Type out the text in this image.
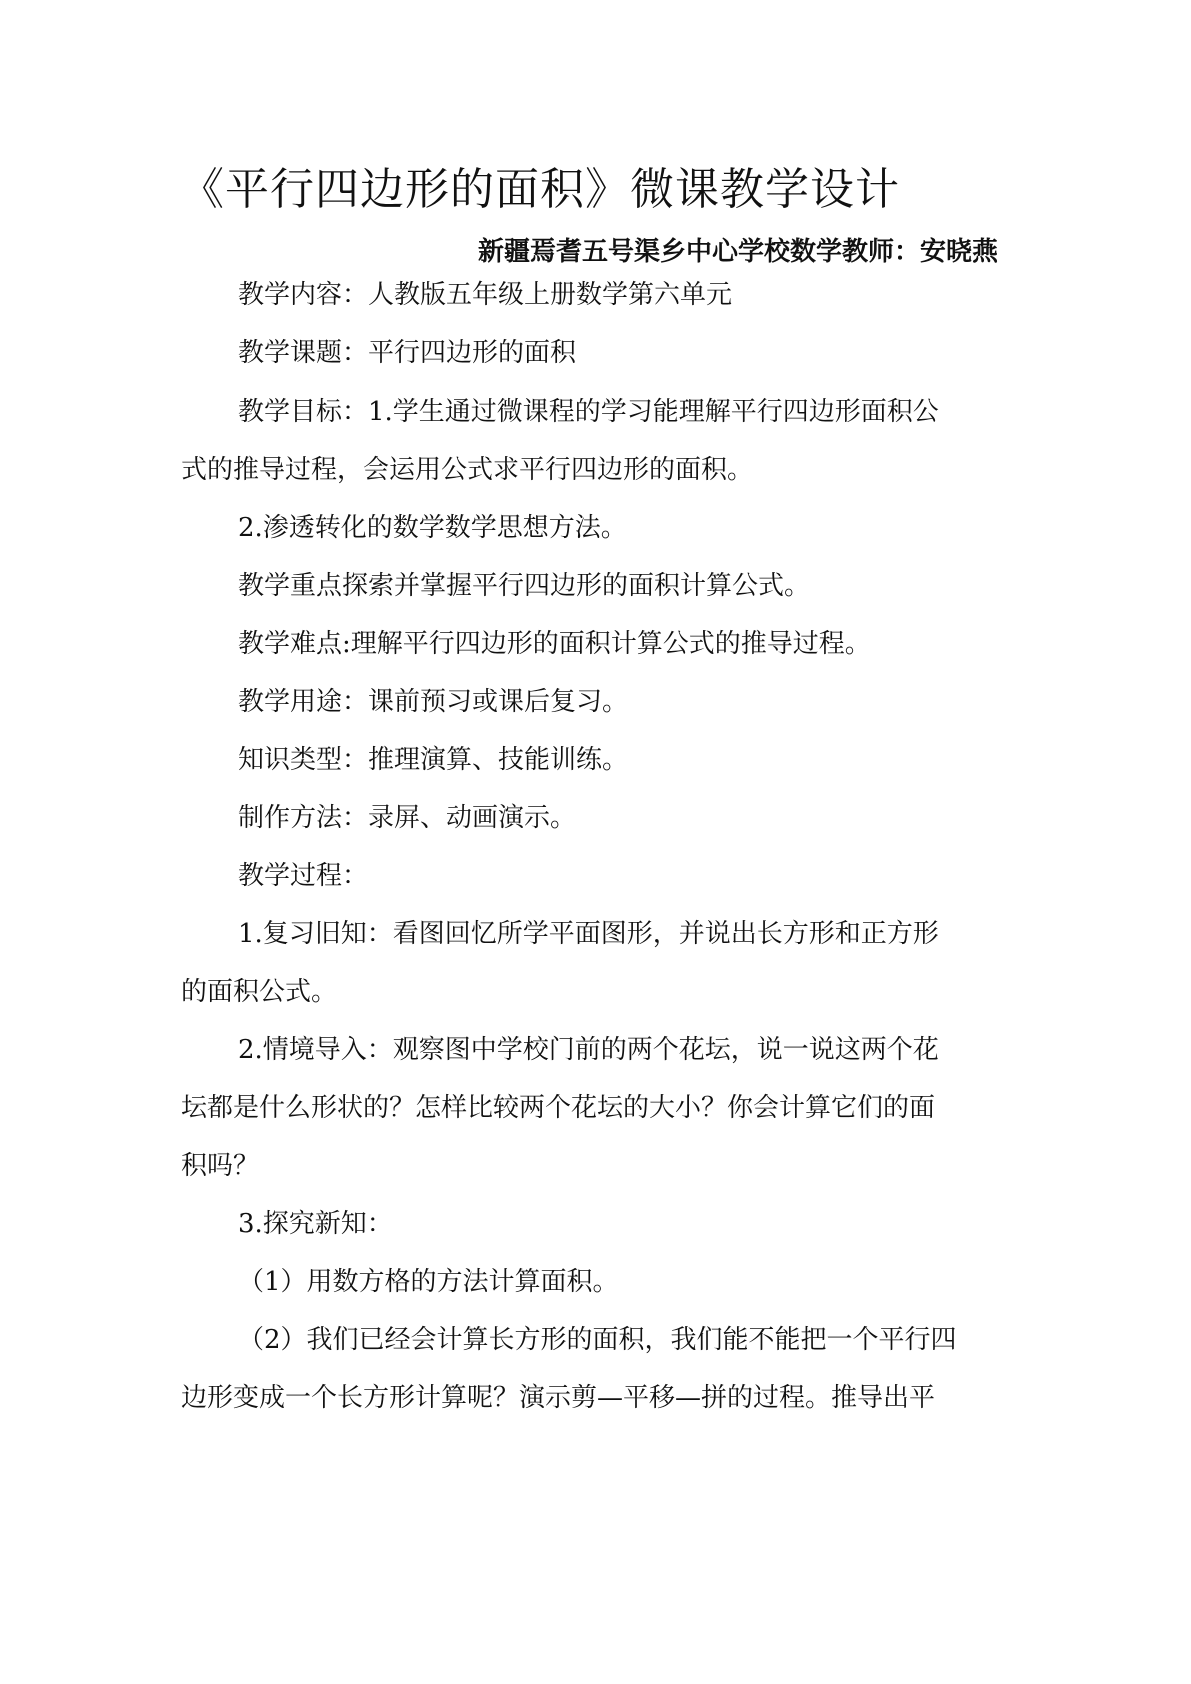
《平行四边形的面积》微课教学设计
新疆焉耆五号渠乡中心学校数学教师：安晓燕
教学内容：人教版五年级上册数学第六单元
教学课题：平行四边形的面积
教学目标：1.学生通过微课程的学习能理解平行四边形面积公
式的推导过程，会运用公式求平行四边形的面积。
2.渗透转化的数学数学思想方法。
教学重点探索并掌握平行四边形的面积计算公式。
教学难点:理解平行四边形的面积计算公式的推导过程。
教学用途：课前预习或课后复习。
知识类型：推理演算、技能训练。
制作方法：录屏、动画演示。
教学过程：
1.复习旧知：看图回忆所学平面图形，并说出长方形和正方形
的面积公式。
2.情境导入：观察图中学校门前的两个花坛，说一说这两个花
坛都是什么形状的？怎样比较两个花坛的大小？你会计算它们的面
积吗？
3.探究新知：
（1）用数方格的方法计算面积。
（2）我们已经会计算长方形的面积，我们能不能把一个平行四
边形变成一个长方形计算呢？演示剪—平移—拼的过程。推导出平
